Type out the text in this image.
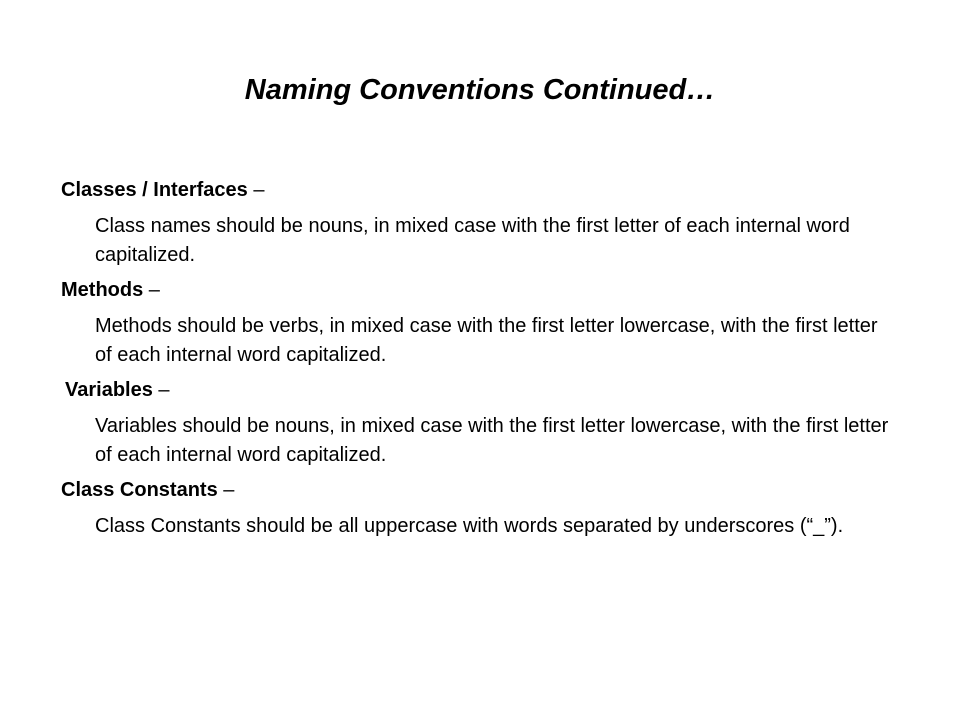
Naming Conventions Continued…

Classes / Interfaces –

Class names should be nouns, in mixed case with the first letter of each internal word capitalized.

Methods –

Methods should be verbs, in mixed case with the first letter lowercase, with the first letter of each internal word capitalized.

Variables –

Variables should be nouns, in mixed case with the first letter lowercase, with the first letter of each internal word capitalized.

Class Constants –

Class Constants should be all uppercase with words separated by underscores (“_”).
